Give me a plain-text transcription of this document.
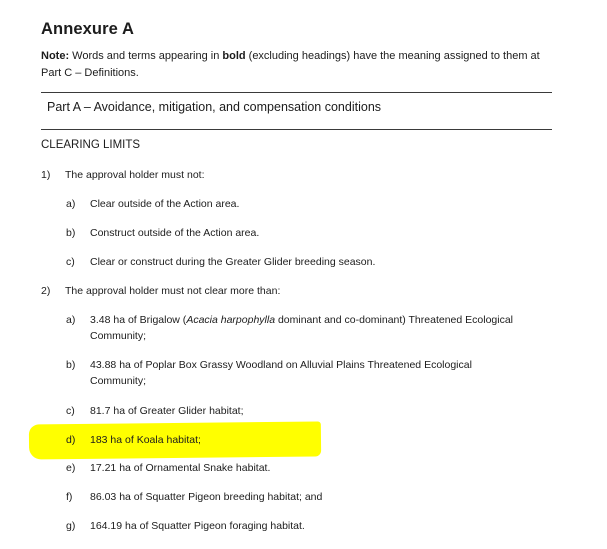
Annexure A
Note: Words and terms appearing in bold (excluding headings) have the meaning assigned to them at Part C – Definitions.
Part A – Avoidance, mitigation, and compensation conditions
CLEARING LIMITS
1) The approval holder must not:
a) Clear outside of the Action area.
b) Construct outside of the Action area.
c) Clear or construct during the Greater Glider breeding season.
2) The approval holder must not clear more than:
a) 3.48 ha of Brigalow (Acacia harpophylla dominant and co-dominant) Threatened Ecological Community;
b) 43.88 ha of Poplar Box Grassy Woodland on Alluvial Plains Threatened Ecological Community;
c) 81.7 ha of Greater Glider habitat;
d) 183 ha of Koala habitat;
e) 17.21 ha of Ornamental Snake habitat.
f) 86.03 ha of Squatter Pigeon breeding habitat; and
g) 164.19 ha of Squatter Pigeon foraging habitat.
